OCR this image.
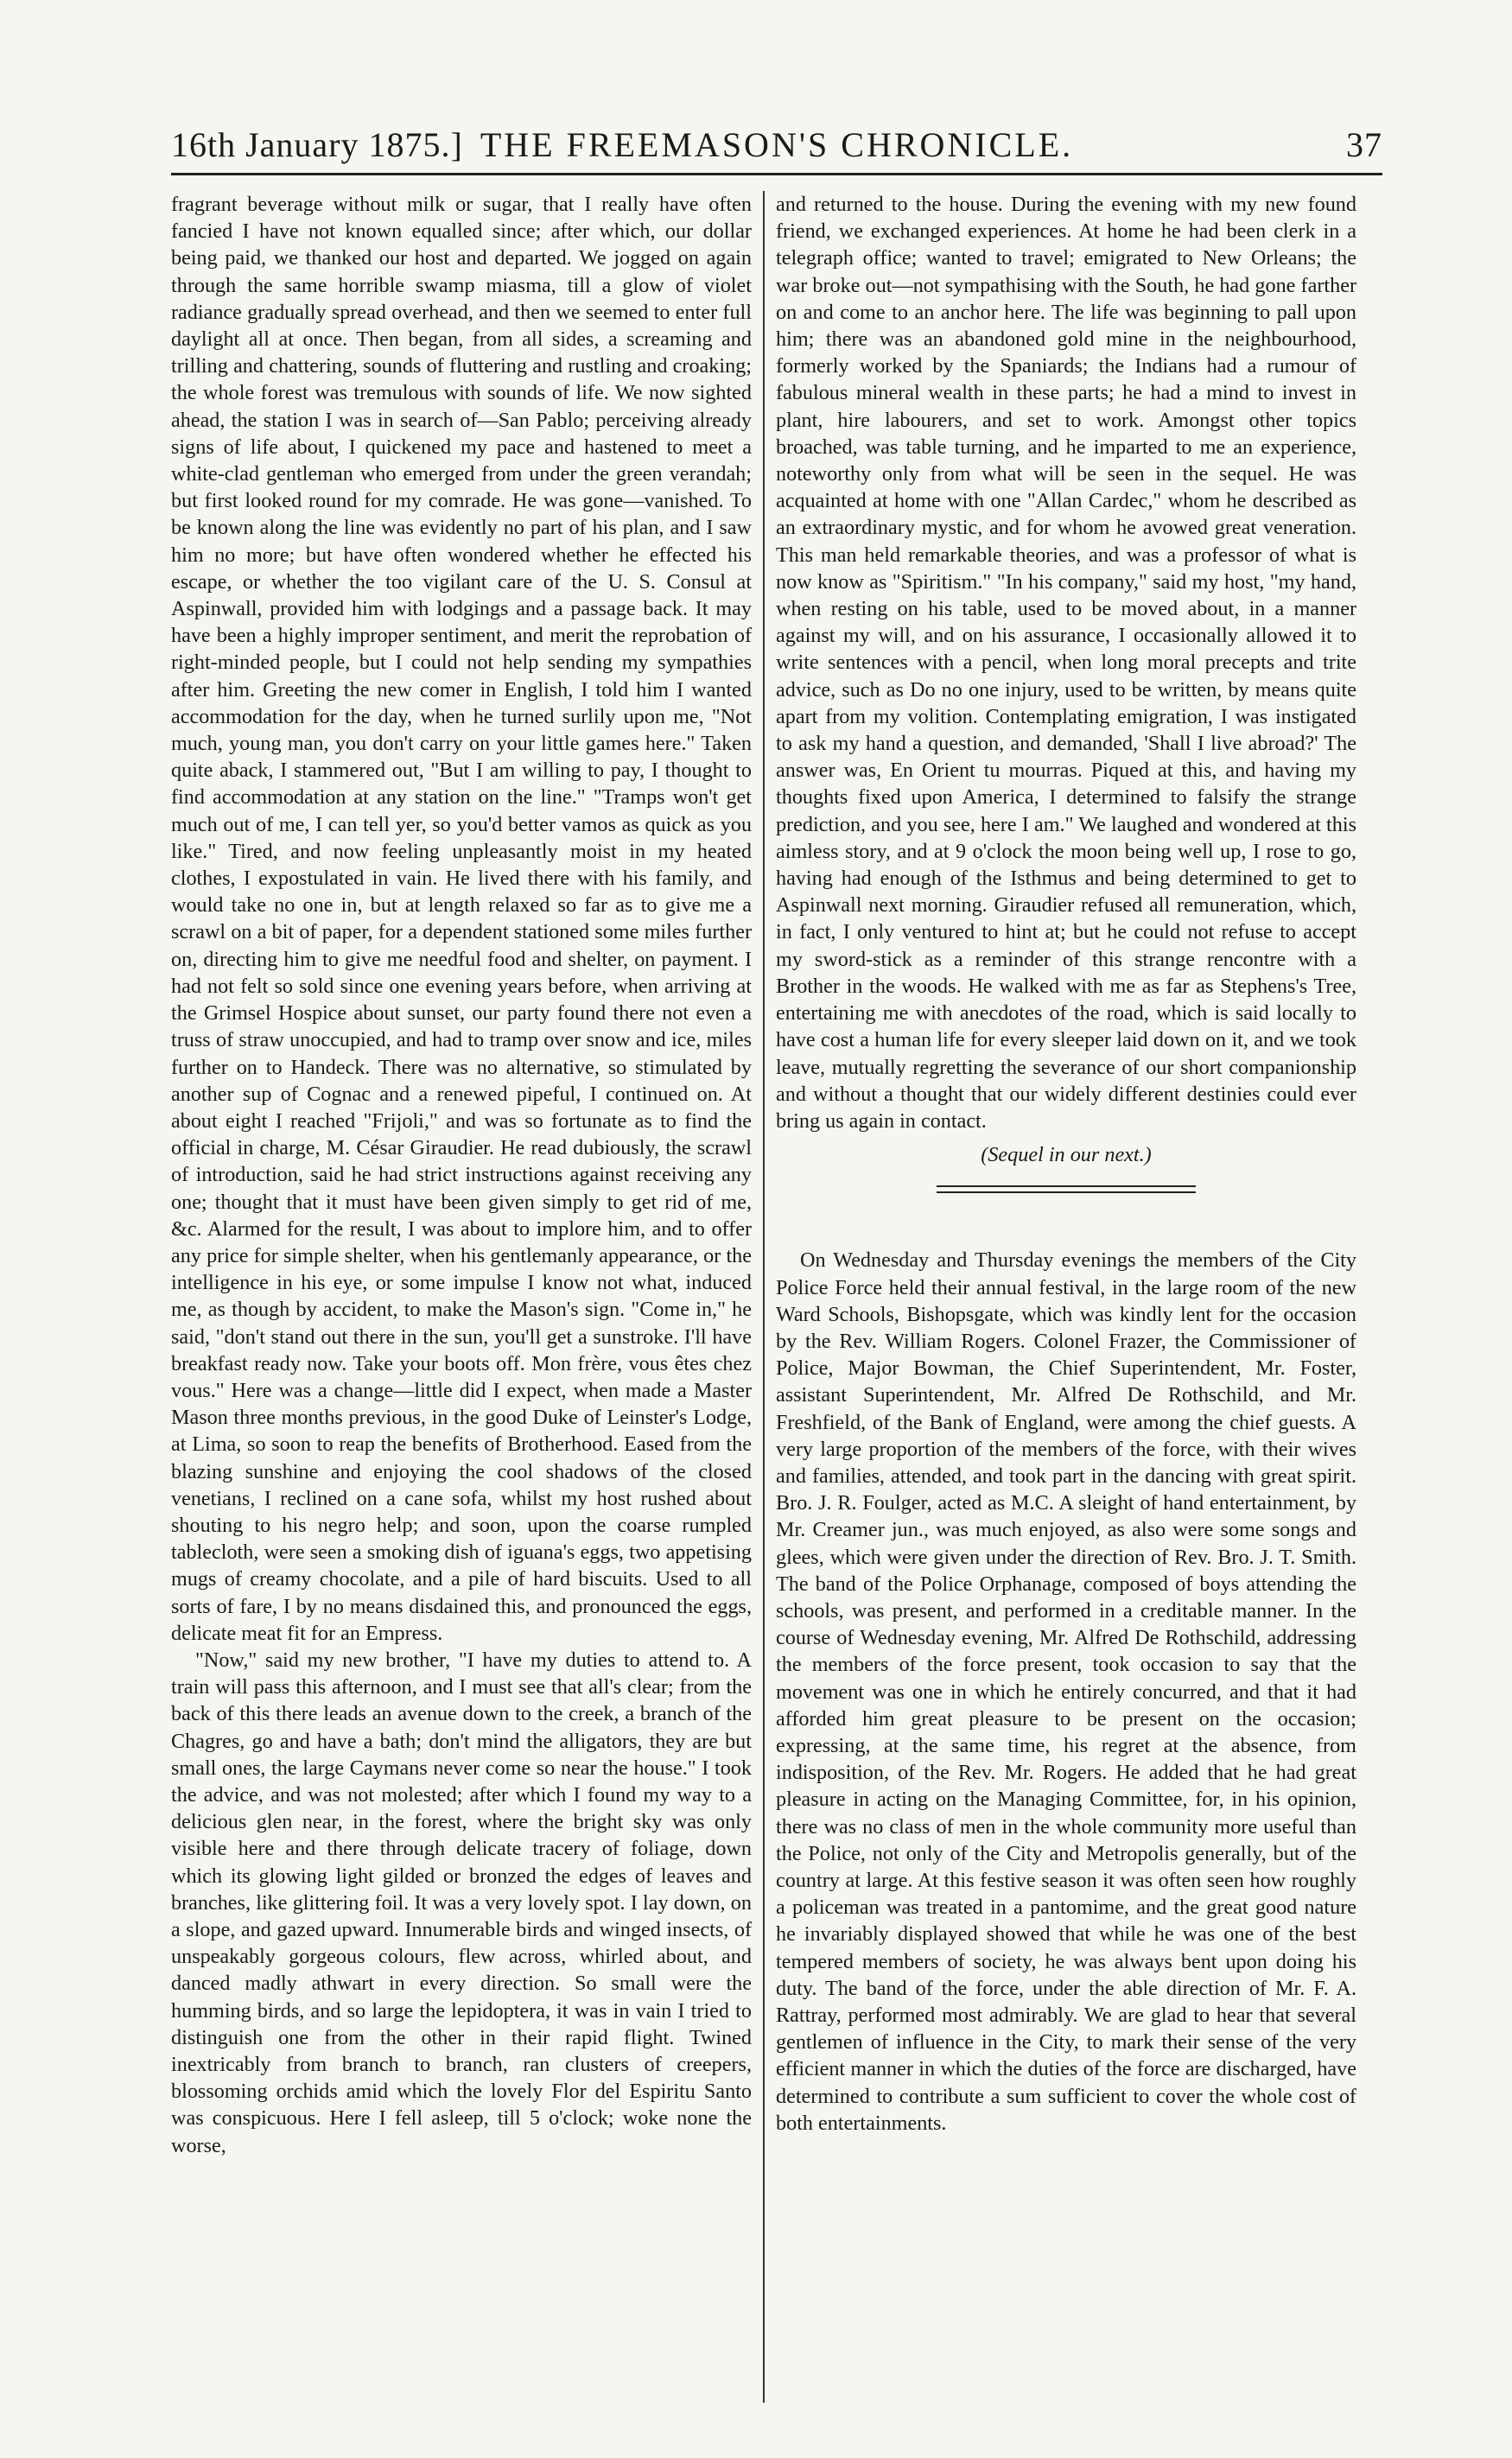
16th January 1875.] THE FREEMASON'S CHRONICLE.	37

fragrant beverage without milk or sugar, that I really have often fancied I have not known equalled since; after which, our dollar being paid, we thanked our host and departed. We jogged on again through the same horrible swamp miasma, till a glow of violet radiance gradually spread overhead, and then we seemed to enter full daylight all at once. Then began, from all sides, a screaming and trilling and chattering, sounds of fluttering and rustling and croaking; the whole forest was tremulous with sounds of life. We now sighted ahead, the station I was in search of—San Pablo; perceiving already signs of life about, I quickened my pace and hastened to meet a white-clad gentleman who emerged from under the green verandah; but first looked round for my comrade. He was gone—vanished. To be known along the line was evidently no part of his plan, and I saw him no more; but have often wondered whether he effected his escape, or whether the too vigilant care of the U. S. Consul at Aspinwall, provided him with lodgings and a passage back. It may have been a highly improper sentiment, and merit the reprobation of right-minded people, but I could not help sending my sympathies after him. Greeting the new comer in English, I told him I wanted accommodation for the day, when he turned surlily upon me, "Not much, young man, you don't carry on your little games here." Taken quite aback, I stammered out, "But I am willing to pay, I thought to find accommodation at any station on the line." "Tramps won't get much out of me, I can tell yer, so you'd better vamos as quick as you like." Tired, and now feeling unpleasantly moist in my heated clothes, I expostulated in vain. He lived there with his family, and would take no one in, but at length relaxed so far as to give me a scrawl on a bit of paper, for a dependent stationed some miles further on, directing him to give me needful food and shelter, on payment. I had not felt so sold since one evening years before, when arriving at the Grimsel Hospice about sunset, our party found there not even a truss of straw unoccupied, and had to tramp over snow and ice, miles further on to Handeck. There was no alternative, so stimulated by another sup of Cognac and a renewed pipeful, I continued on. At about eight I reached "Frijoli," and was so fortunate as to find the official in charge, M. César Giraudier. He read dubiously, the scrawl of introduction, said he had strict instructions against receiving any one; thought that it must have been given simply to get rid of me, &c. Alarmed for the result, I was about to implore him, and to offer any price for simple shelter, when his gentlemanly appearance, or the intelligence in his eye, or some impulse I know not what, induced me, as though by accident, to make the Mason's sign. "Come in," he said, "don't stand out there in the sun, you'll get a sunstroke. I'll have breakfast ready now. Take your boots off. Mon frère, vous êtes chez vous." Here was a change—little did I expect, when made a Master Mason three months previous, in the good Duke of Leinster's Lodge, at Lima, so soon to reap the benefits of Brotherhood. Eased from the blazing sunshine and enjoying the cool shadows of the closed venetians, I reclined on a cane sofa, whilst my host rushed about shouting to his negro help; and soon, upon the coarse rumpled tablecloth, were seen a smoking dish of iguana's eggs, two appetising mugs of creamy chocolate, and a pile of hard biscuits. Used to all sorts of fare, I by no means disdained this, and pronounced the eggs, delicate meat fit for an Empress.

"Now," said my new brother, "I have my duties to attend to. A train will pass this afternoon, and I must see that all's clear; from the back of this there leads an avenue down to the creek, a branch of the Chagres, go and have a bath; don't mind the alligators, they are but small ones, the large Caymans never come so near the house." I took the advice, and was not molested; after which I found my way to a delicious glen near, in the forest, where the bright sky was only visible here and there through delicate tracery of foliage, down which its glowing light gilded or bronzed the edges of leaves and branches, like glittering foil. It was a very lovely spot. I lay down, on a slope, and gazed upward. Innumerable birds and winged insects, of unspeakably gorgeous colours, flew across, whirled about, and danced madly athwart in every direction. So small were the humming birds, and so large the lepidoptera, it was in vain I tried to distinguish one from the other in their rapid flight. Twined inextricably from branch to branch, ran clusters of creepers, blossoming orchids amid which the lovely Flor del Espiritu Santo was conspicuous. Here I fell asleep, till 5 o'clock; woke none the worse,

and returned to the house. During the evening with my new found friend, we exchanged experiences. At home he had been clerk in a telegraph office; wanted to travel; emigrated to New Orleans; the war broke out—not sympathising with the South, he had gone farther on and come to an anchor here. The life was beginning to pall upon him; there was an abandoned gold mine in the neighbourhood, formerly worked by the Spaniards; the Indians had a rumour of fabulous mineral wealth in these parts; he had a mind to invest in plant, hire labourers, and set to work. Amongst other topics broached, was table turning, and he imparted to me an experience, noteworthy only from what will be seen in the sequel. He was acquainted at home with one "Allan Cardec," whom he described as an extraordinary mystic, and for whom he avowed great veneration. This man held remarkable theories, and was a professor of what is now know as "Spiritism." "In his company," said my host, "my hand, when resting on his table, used to be moved about, in a manner against my will, and on his assurance, I occasionally allowed it to write sentences with a pencil, when long moral precepts and trite advice, such as Do no one injury, used to be written, by means quite apart from my volition. Contemplating emigration, I was instigated to ask my hand a question, and demanded, 'Shall I live abroad?' The answer was, En Orient tu mourras. Piqued at this, and having my thoughts fixed upon America, I determined to falsify the strange prediction, and you see, here I am." We laughed and wondered at this aimless story, and at 9 o'clock the moon being well up, I rose to go, having had enough of the Isthmus and being determined to get to Aspinwall next morning. Giraudier refused all remuneration, which, in fact, I only ventured to hint at; but he could not refuse to accept my sword-stick as a reminder of this strange rencontre with a Brother in the woods. He walked with me as far as Stephens's Tree, entertaining me with anecdotes of the road, which is said locally to have cost a human life for every sleeper laid down on it, and we took leave, mutually regretting the severance of our short companionship and without a thought that our widely different destinies could ever bring us again in contact.

(Sequel in our next.)

On Wednesday and Thursday evenings the members of the City Police Force held their annual festival, in the large room of the new Ward Schools, Bishopsgate, which was kindly lent for the occasion by the Rev. William Rogers. Colonel Frazer, the Commissioner of Police, Major Bowman, the Chief Superintendent, Mr. Foster, assistant Superintendent, Mr. Alfred De Rothschild, and Mr. Freshfield, of the Bank of England, were among the chief guests. A very large proportion of the members of the force, with their wives and families, attended, and took part in the dancing with great spirit. Bro. J. R. Foulger, acted as M.C. A sleight of hand entertainment, by Mr. Creamer jun., was much enjoyed, as also were some songs and glees, which were given under the direction of Rev. Bro. J. T. Smith. The band of the Police Orphanage, composed of boys attending the schools, was present, and performed in a creditable manner. In the course of Wednesday evening, Mr. Alfred De Rothschild, addressing the members of the force present, took occasion to say that the movement was one in which he entirely concurred, and that it had afforded him great pleasure to be present on the occasion; expressing, at the same time, his regret at the absence, from indisposition, of the Rev. Mr. Rogers. He added that he had great pleasure in acting on the Managing Committee, for, in his opinion, there was no class of men in the whole community more useful than the Police, not only of the City and Metropolis generally, but of the country at large. At this festive season it was often seen how roughly a policeman was treated in a pantomime, and the great good nature he invariably displayed showed that while he was one of the best tempered members of society, he was always bent upon doing his duty. The band of the force, under the able direction of Mr. F. A. Rattray, performed most admirably. We are glad to hear that several gentlemen of influence in the City, to mark their sense of the very efficient manner in which the duties of the force are discharged, have determined to contribute a sum sufficient to cover the whole cost of both entertainments.
